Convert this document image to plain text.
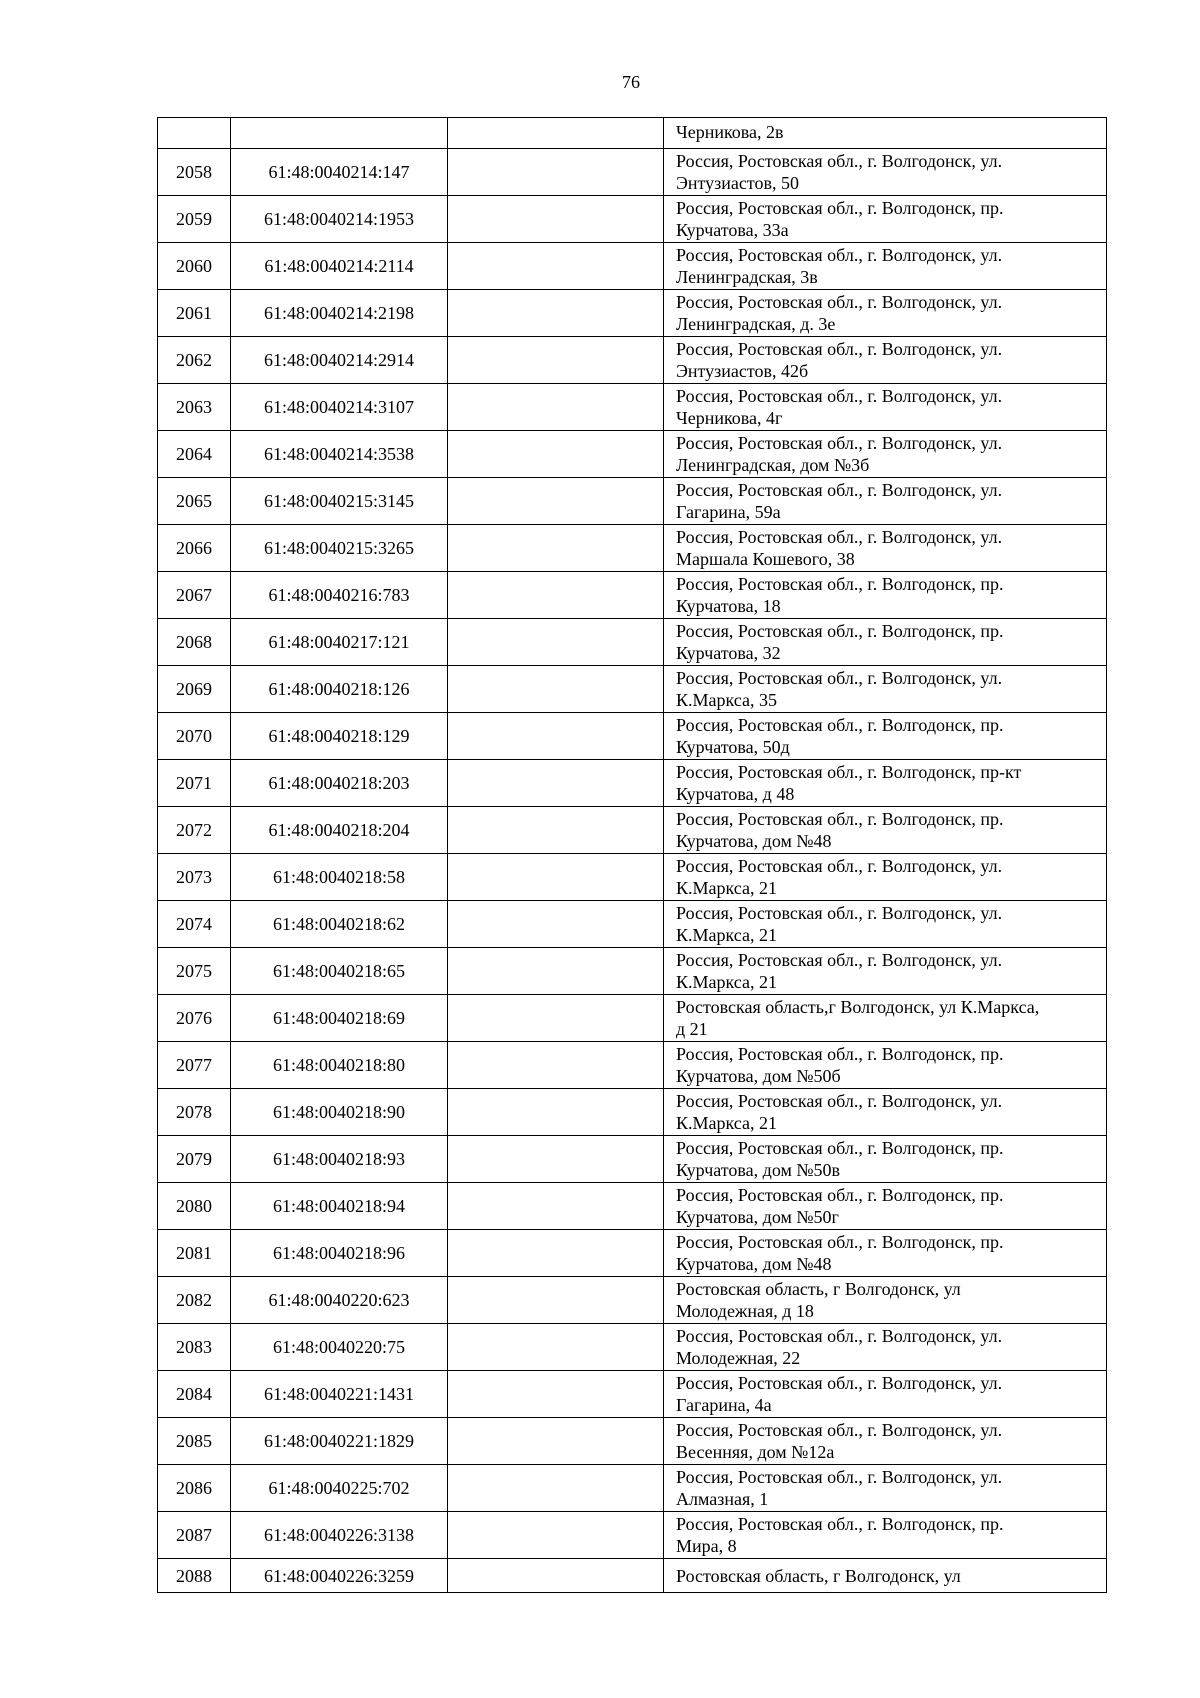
76

			Черникова, 2в

2058	61:48:0040214:147		Россия, Ростовская обл., г. Волгодонск, ул.
Энтузиастов, 50

2059	61:48:0040214:1953		Россия, Ростовская обл., г. Волгодонск, пр.
Курчатова, 33а

2060	61:48:0040214:2114		Россия, Ростовская обл., г. Волгодонск, ул.
Ленинградская, 3в

2061	61:48:0040214:2198		Россия, Ростовская обл., г. Волгодонск, ул.
Ленинградская, д. 3е

2062	61:48:0040214:2914		Россия, Ростовская обл., г. Волгодонск, ул.
Энтузиастов, 42б

2063	61:48:0040214:3107		Россия, Ростовская обл., г. Волгодонск, ул.
Черникова, 4г

2064	61:48:0040214:3538		Россия, Ростовская обл., г. Волгодонск, ул.
Ленинградская, дом №3б

2065	61:48:0040215:3145		Россия, Ростовская обл., г. Волгодонск, ул.
Гагарина, 59а

2066	61:48:0040215:3265		Россия, Ростовская обл., г. Волгодонск, ул.
Маршала Кошевого, 38

2067	61:48:0040216:783		Россия, Ростовская обл., г. Волгодонск, пр.
Курчатова, 18

2068	61:48:0040217:121		Россия, Ростовская обл., г. Волгодонск, пр.
Курчатова, 32

2069	61:48:0040218:126		Россия, Ростовская обл., г. Волгодонск, ул.
К.Маркса, 35

2070	61:48:0040218:129		Россия, Ростовская обл., г. Волгодонск, пр.
Курчатова, 50д

2071	61:48:0040218:203		Россия, Ростовская обл., г. Волгодонск, пр-кт
Курчатова, д 48

2072	61:48:0040218:204		Россия, Ростовская обл., г. Волгодонск, пр.
Курчатова, дом №48

2073	61:48:0040218:58		Россия, Ростовская обл., г. Волгодонск, ул.
К.Маркса, 21

2074	61:48:0040218:62		Россия, Ростовская обл., г. Волгодонск, ул.
К.Маркса, 21

2075	61:48:0040218:65		Россия, Ростовская обл., г. Волгодонск, ул.
К.Маркса, 21

2076	61:48:0040218:69		Ростовская область,г Волгодонск, ул К.Маркса,
д 21

2077	61:48:0040218:80		Россия, Ростовская обл., г. Волгодонск, пр.
Курчатова, дом №50б

2078	61:48:0040218:90		Россия, Ростовская обл., г. Волгодонск, ул.
К.Маркса, 21

2079	61:48:0040218:93		Россия, Ростовская обл., г. Волгодонск, пр.
Курчатова, дом №50в

2080	61:48:0040218:94		Россия, Ростовская обл., г. Волгодонск, пр.
Курчатова, дом №50г

2081	61:48:0040218:96		Россия, Ростовская обл., г. Волгодонск, пр.
Курчатова, дом №48

2082	61:48:0040220:623		Ростовская область, г Волгодонск, ул
Молодежная, д 18

2083	61:48:0040220:75		Россия, Ростовская обл., г. Волгодонск, ул.
Молодежная, 22

2084	61:48:0040221:1431		Россия, Ростовская обл., г. Волгодонск, ул.
Гагарина, 4а

2085	61:48:0040221:1829		Россия, Ростовская обл., г. Волгодонск, ул.
Весенняя, дом №12а

2086	61:48:0040225:702		Россия, Ростовская обл., г. Волгодонск, ул.
Алмазная, 1

2087	61:48:0040226:3138		Россия, Ростовская обл., г. Волгодонск, пр.
Мира, 8

2088	61:48:0040226:3259		Ростовская область, г Волгодонск, ул
